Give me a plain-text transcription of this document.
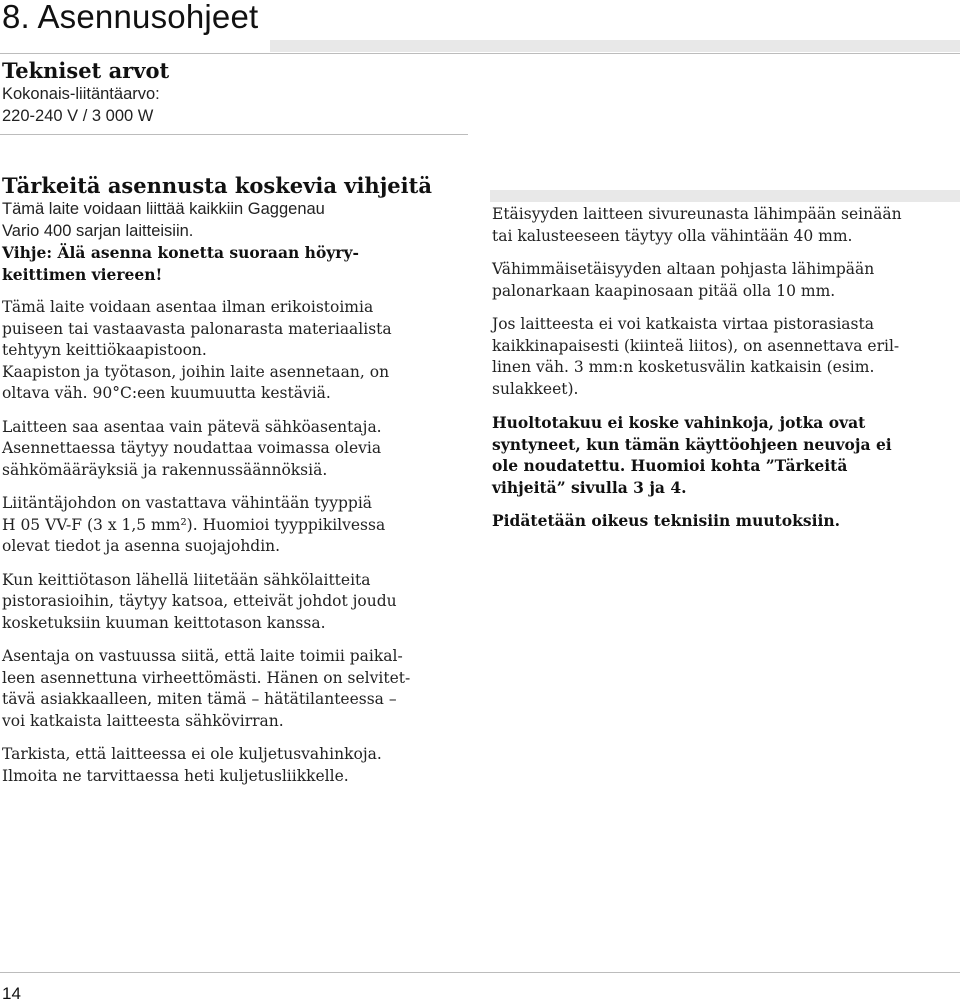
8. Asennusohjeet

Tekniset arvot

Kokonais-liitäntäarvo:

220-240 V / 3 000 W

Tärkeitä asennusta koskevia vihjeitä

Tämä laite voidaan liittää kaikkiin Gaggenau

Vario 400 sarjan laitteisiin.

Vihje: Älä asenna konetta suoraan höyry-

keittimen viereen!

Tämä laite voidaan asentaa ilman erikoistoimia

puiseen tai vastaavasta palonarasta materiaalista

tehtyyn keittiökaapistoon.

Kaapiston ja työtason, joihin laite asennetaan, on

oltava väh. 90°C:een kuumuutta kestäviä.

Laitteen saa asentaa vain pätevä sähköasentaja.

Asennettaessa täytyy noudattaa voimassa olevia

sähkömääräyksiä ja rakennussäännöksiä.

Liitäntäjohdon on vastattava vähintään tyyppiä

H 05 VV-F (3 x 1,5 mm²). Huomioi tyyppikilvessa

olevat tiedot ja asenna suojajohdin.

Kun keittiötason lähellä liitetään sähkölaitteita

pistorasioihin, täytyy katsoa, etteivät johdot joudu

kosketuksiin kuuman keittotason kanssa.

Asentaja on vastuussa siitä, että laite toimii paikal-

leen asennettuna virheettömästi. Hänen on selvitet-

tävä asiakkaalleen, miten tämä – hätätilanteessa –

voi katkaista laitteesta sähkövirran.

Tarkista, että laitteessa ei ole kuljetusvahinkoja.

Ilmoita ne tarvittaessa heti kuljetusliikkelle.

Etäisyyden laitteen sivureunasta lähimpään seinään

tai kalusteeseen täytyy olla vähintään 40 mm.

Vähimmäisetäisyyden altaan pohjasta lähimpään

palonarkaan kaapinosaan pitää olla 10 mm.

Jos laitteesta ei voi katkaista virtaa pistorasiasta

kaikkinapaisesti (kiinteä liitos), on asennettava eril-

linen väh. 3 mm:n kosketusvälin katkaisin (esim.

sulakkeet).

Huoltotakuu ei koske vahinkoja, jotka ovat

syntyneet, kun tämän käyttöohjeen neuvoja ei

ole noudatettu. Huomioi kohta ”Tärkeitä

vihjeitä” sivulla 3 ja 4.

Pidätetään oikeus teknisiin muutoksiin.

14
